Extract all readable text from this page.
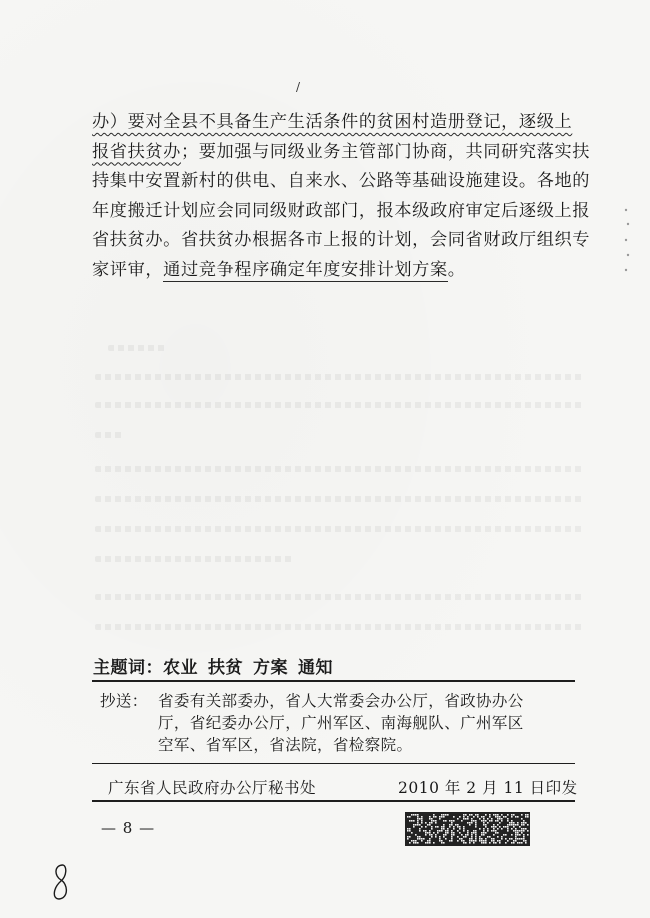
/
办）要对全县不具备生产生活条件的贫困村造册登记，逐级上
报省扶贫办；要加强与同级业务主管部门协商，共同研究落实扶
持集中安置新村的供电、自来水、公路等基础设施建设。各地的
年度搬迁计划应会同同级财政部门，报本级政府审定后逐级上报
省扶贫办。省扶贫办根据各市上报的计划，会同省财政厅组织专
家评审，通过竞争程序确定年度安排计划方案。
主题词：农业 扶贫 方案 通知
抄送： 省委有关部委办，省人大常委会办公厅，省政协办公
厅，省纪委办公厅，广州军区、南海舰队、广州军区
空军、省军区，省法院，省检察院。
广东省人民政府办公厅秘书处	2010 年 2 月 11 日印发
— 8 —
